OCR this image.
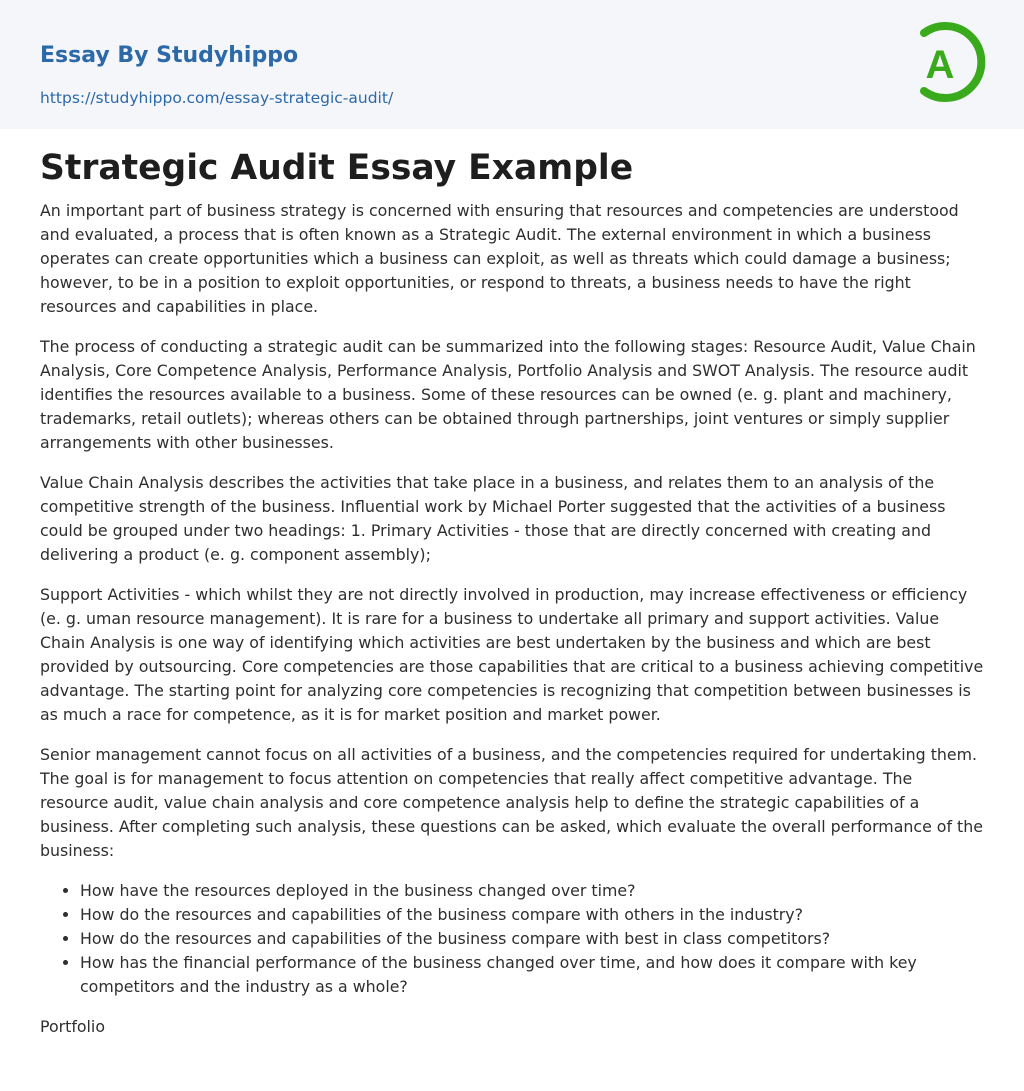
Essay By Studyhippo
https://studyhippo.com/essay-strategic-audit/
A
Strategic Audit Essay Example

An important part of business strategy is concerned with ensuring that resources and competencies are understood and evaluated, a process that is often known as a Strategic Audit. The external environment in which a business operates can create opportunities which a business can exploit, as well as threats which could damage a business; however, to be in a position to exploit opportunities, or respond to threats, a business needs to have the right resources and capabilities in place.

The process of conducting a strategic audit can be summarized into the following stages: Resource Audit, Value Chain Analysis, Core Competence Analysis, Performance Analysis, Portfolio Analysis and SWOT Analysis. The resource audit identifies the resources available to a business. Some of these resources can be owned (e. g. plant and machinery, trademarks, retail outlets); whereas others can be obtained through partnerships, joint ventures or simply supplier arrangements with other businesses.

Value Chain Analysis describes the activities that take place in a business, and relates them to an analysis of the competitive strength of the business. Influential work by Michael Porter suggested that the activities of a business could be grouped under two headings: 1. Primary Activities - those that are directly concerned with creating and delivering a product (e. g. component assembly);

Support Activities - which whilst they are not directly involved in production, may increase effectiveness or efficiency (e. g. uman resource management). It is rare for a business to undertake all primary and support activities. Value Chain Analysis is one way of identifying which activities are best undertaken by the business and which are best provided by outsourcing. Core competencies are those capabilities that are critical to a business achieving competitive advantage. The starting point for analyzing core competencies is recognizing that competition between businesses is as much a race for competence, as it is for market position and market power.

Senior management cannot focus on all activities of a business, and the competencies required for undertaking them. The goal is for management to focus attention on competencies that really affect competitive advantage. The resource audit, value chain analysis and core competence analysis help to define the strategic capabilities of a business. After completing such analysis, these questions can be asked, which evaluate the overall performance of the business:

• How have the resources deployed in the business changed over time?
• How do the resources and capabilities of the business compare with others in the industry?
• How do the resources and capabilities of the business compare with best in class competitors?
• How has the financial performance of the business changed over time, and how does it compare with key competitors and the industry as a whole?

Portfolio
